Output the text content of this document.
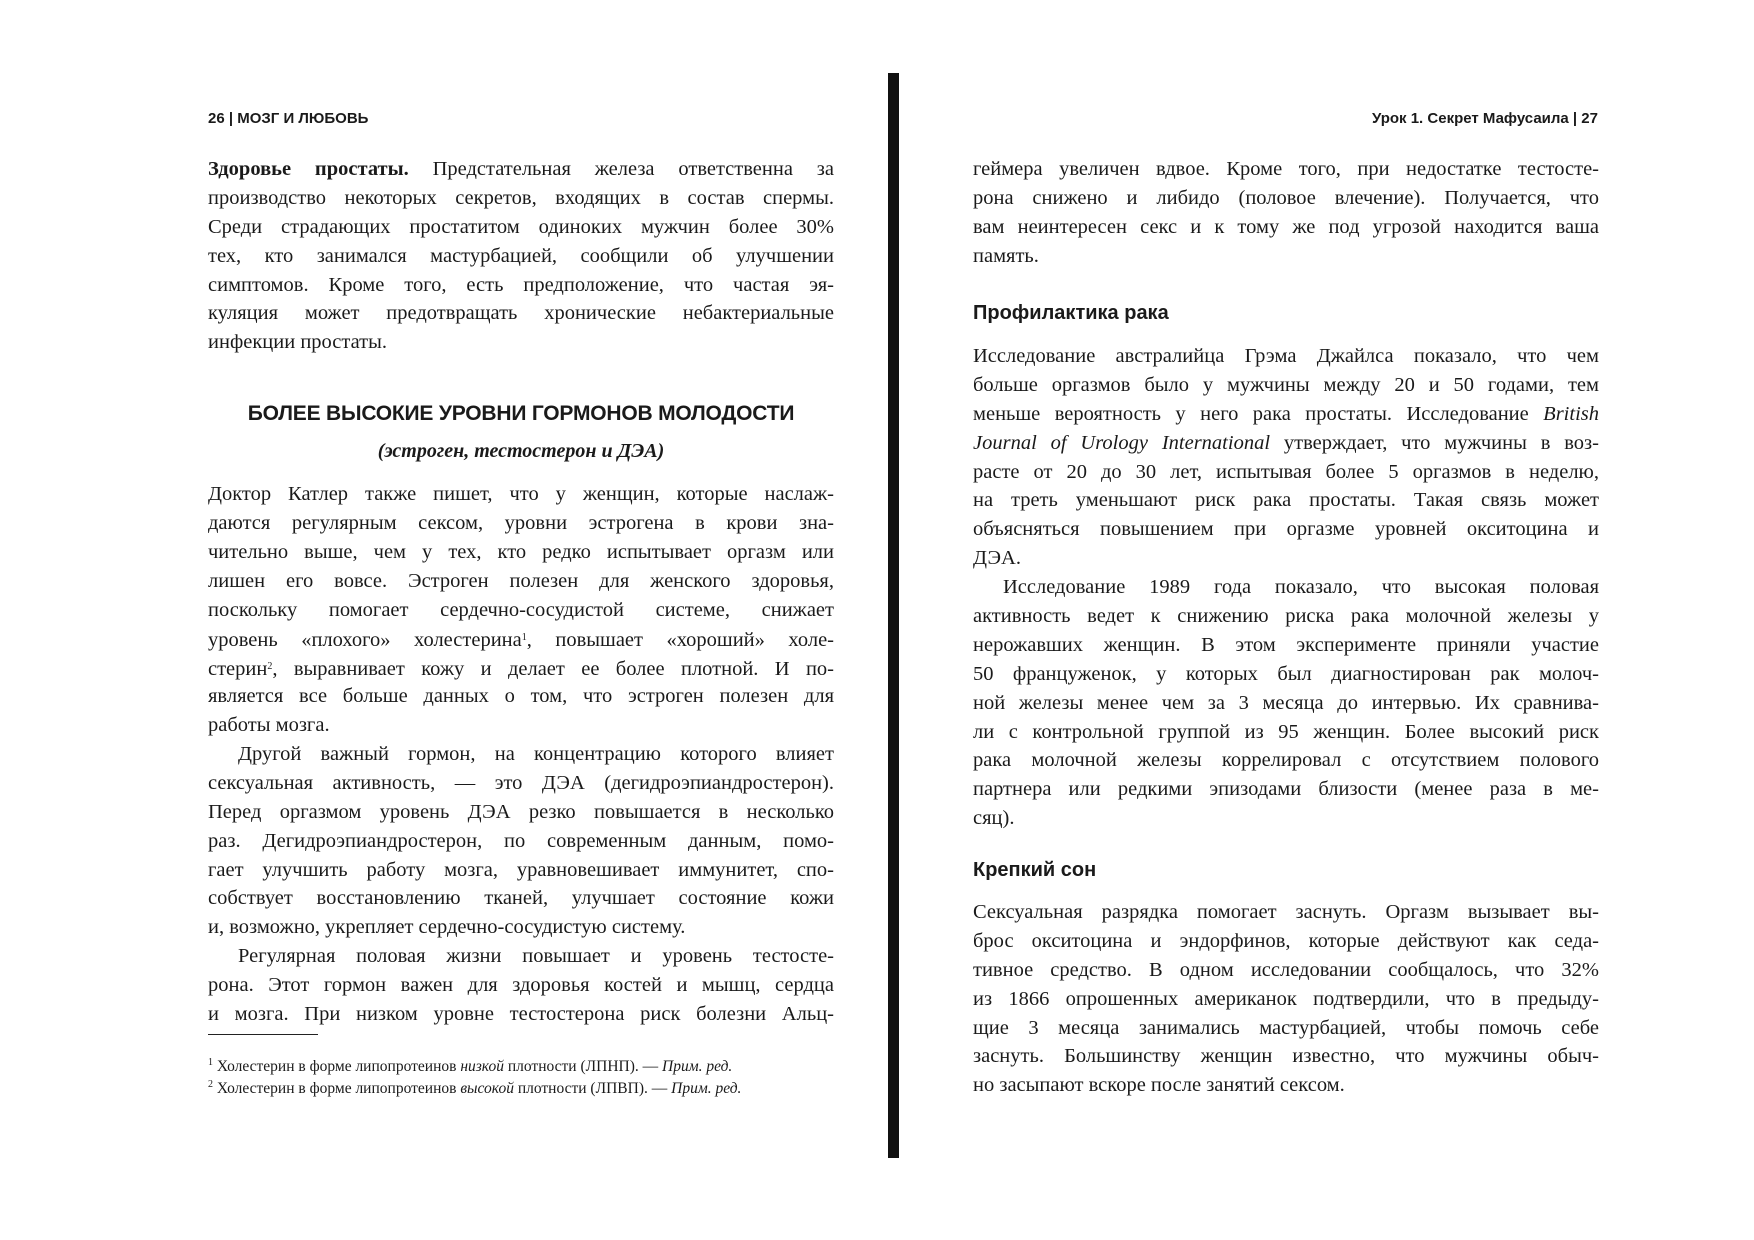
26 | МОЗГ И ЛЮБОВЬ	Урок 1. Секрет Мафусаила | 27
Здоровье простаты. Предстательная железа ответственна за
производство некоторых секретов, входящих в состав спермы.
Среди страдающих простатитом одиноких мужчин более 30%
тех, кто занимался мастурбацией, сообщили об улучшении
симптомов. Кроме того, есть предположение, что частая эя-
куляция может предотвращать хронические небактериальные
инфекции простаты.
БОЛЕЕ ВЫСОКИЕ УРОВНИ ГОРМОНОВ МОЛОДОСТИ
(эстроген, тестостерон и ДЭА)
Доктор Катлер также пишет, что у женщин, которые наслаж-
даются регулярным сексом, уровни эстрогена в крови зна-
чительно выше, чем у тех, кто редко испытывает оргазм или
лишен его вовсе. Эстроген полезен для женского здоровья,
поскольку помогает сердечно-сосудистой системе, снижает
уровень «плохого» холестерина$^1$, повышает «хороший» холе-
стерин$^2$, выравнивает кожу и делает ее более плотной. И по-
является все больше данных о том, что эстроген полезен для
работы мозга.
Другой важный гормон, на концентрацию которого влияет
сексуальная активность, — это ДЭА (дегидроэпиандростерон).
Перед оргазмом уровень ДЭА резко повышается в несколько
раз. Дегидроэпиандростерон, по современным данным, помо-
гает улучшить работу мозга, уравновешивает иммунитет, спо-
собствует восстановлению тканей, улучшает состояние кожи
и, возможно, укрепляет сердечно-сосудистую систему.
Регулярная половая жизни повышает и уровень тестосте-
рона. Этот гормон важен для здоровья костей и мышц, сердца
и мозга. При низком уровне тестостерона риск болезни Альц-
$^1$ Холестерин в форме липопротеинов низкой плотности (ЛПНП). — Прим. ред.
$^2$ Холестерин в форме липопротеинов высокой плотности (ЛПВП). — Прим. ред.
геймера увеличен вдвое. Кроме того, при недостатке тестосте-
рона снижено и либидо (половое влечение). Получается, что
вам неинтересен секс и к тому же под угрозой находится ваша
память.
Профилактика рака
Исследование австралийца Грэма Джайлса показало, что чем
больше оргазмов было у мужчины между 20 и 50 годами, тем
меньше вероятность у него рака простаты. Исследование British
Journal of Urology International утверждает, что мужчины в воз-
расте от 20 до 30 лет, испытывая более 5 оргазмов в неделю,
на треть уменьшают риск рака простаты. Такая связь может
объясняться повышением при оргазме уровней окситоцина и
ДЭА.
Исследование 1989 года показало, что высокая половая
активность ведет к снижению риска рака молочной железы у
нерожавших женщин. В этом эксперименте приняли участие
50 француженок, у которых был диагностирован рак молоч-
ной железы менее чем за 3 месяца до интервью. Их сравнива-
ли с контрольной группой из 95 женщин. Более высокий риск
рака молочной железы коррелировал с отсутствием полового
партнера или редкими эпизодами близости (менее раза в ме-
сяц).
Крепкий сон
Сексуальная разрядка помогает заснуть. Оргазм вызывает вы-
брос окситоцина и эндорфинов, которые действуют как седа-
тивное средство. В одном исследовании сообщалось, что 32%
из 1866 опрошенных американок подтвердили, что в предыду-
щие 3 месяца занимались мастурбацией, чтобы помочь себе
заснуть. Большинству женщин известно, что мужчины обыч-
но засыпают вскоре после занятий сексом.
